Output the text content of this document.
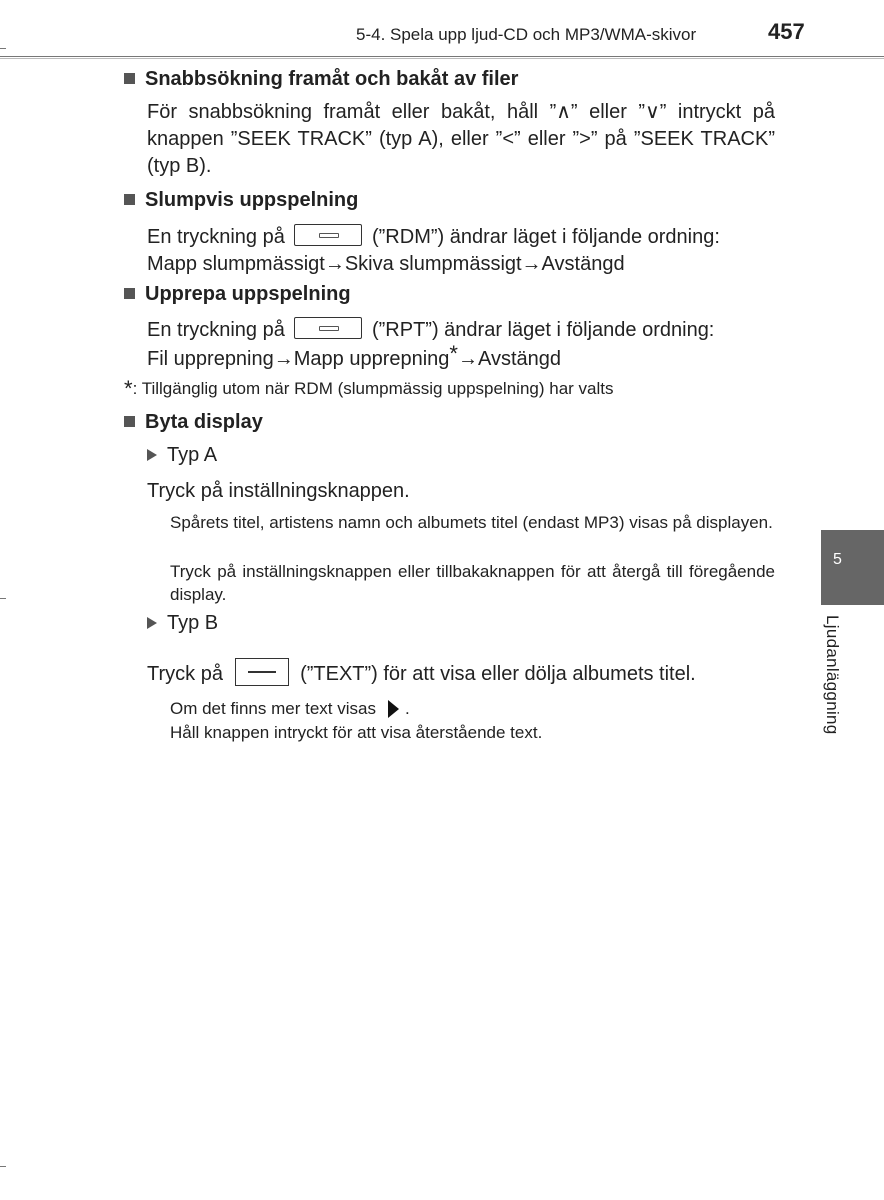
5-4. Spela upp ljud-CD och MP3/WMA-skivor	457
Snabbsökning framåt och bakåt av filer
För snabbsökning framåt eller bakåt, håll ”∧” eller ”∨” intryckt på knappen ”SEEK TRACK” (typ A), eller ”<” eller ”>” på ”SEEK TRACK” (typ B).
Slumpvis uppspelning
En tryckning på	(”RDM”) ändrar läget i följande ordning:
Mapp slumpmässigt→Skiva slumpmässigt→Avstängd
Upprepa uppspelning
En tryckning på	(”RPT”) ändrar läget i följande ordning:
Fil upprepning→Mapp upprepning*→Avstängd
*: Tillgänglig utom när RDM (slumpmässig uppspelning) har valts
Byta display
Typ A
Tryck på inställningsknappen.
Spårets titel, artistens namn och albumets titel (endast MP3) visas på displayen.
Tryck på inställningsknappen eller tillbakaknappen för att återgå till föregående display.
Typ B
Tryck på	(”TEXT”) för att visa eller dölja albumets titel.
Om det finns mer text visas .
Håll knappen intryckt för att visa återstående text.
5
Ljudanläggning
